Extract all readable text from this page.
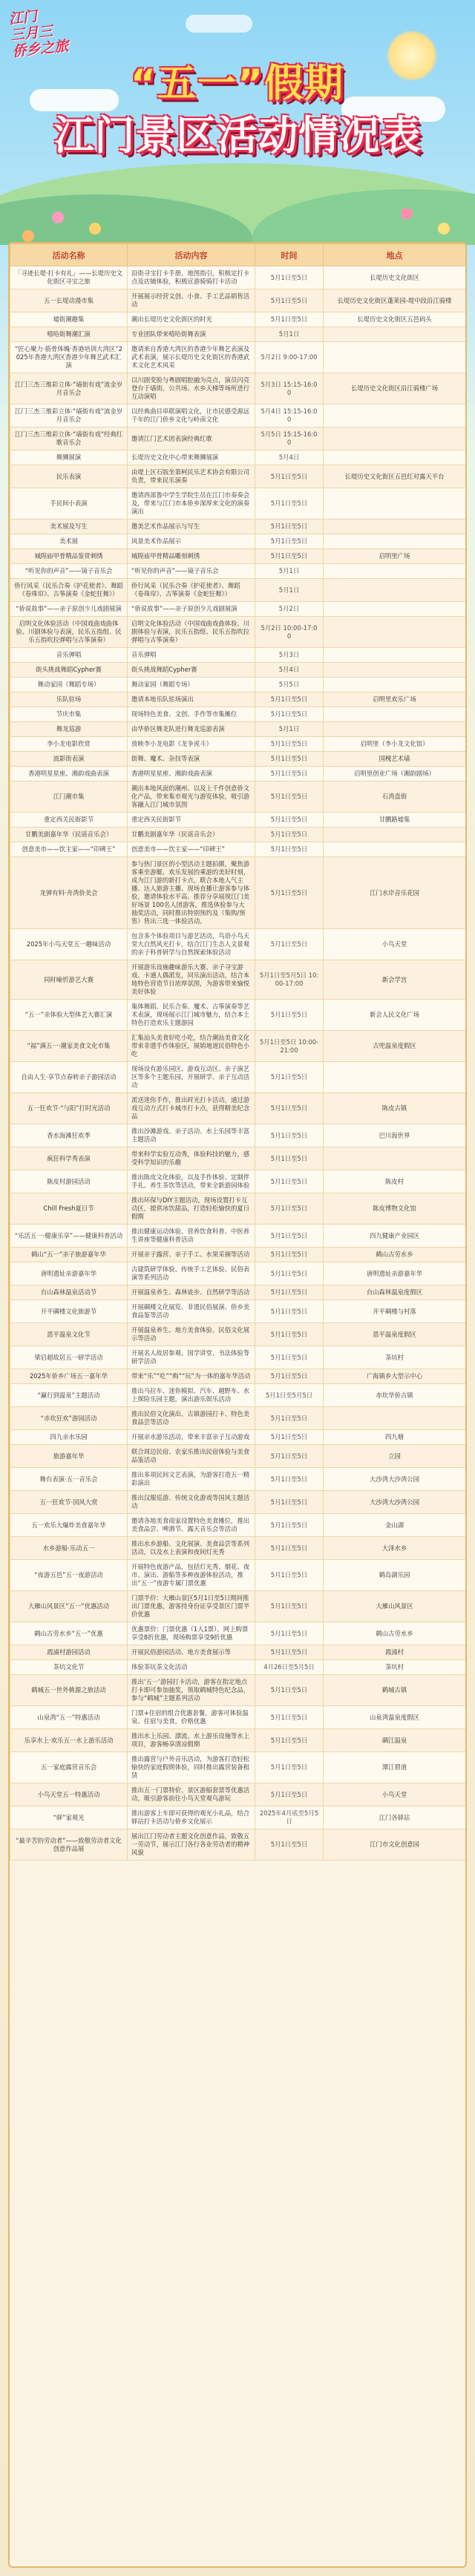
江门
三月三
侨乡之旅
“五一”假期
江门景区活动情况表
活动名称	活动内容	时间	地点
「寻迹长堤·打卡有礼」——长堤历史文化街区寻宝之旅	沿街寻宝打卡手册，地图指引，积极定打卡点及店铺体验，积极宣游骑骑打卡活动	5月1日至5日	长堤历史文化街区
五一长堤动漫市集	开展展示经营文创、小食、手工艺品销售活动	5月1日至5日	长堤历史文化街区蓬莱园-堤中段沿江骑楼
墟街潮趣集	潮出长堤历史文化街区的时光	5月1日至5日	长堤历史文化街区五邑码头
嘻哈街舞潮汇演	专业团队带来嘻哈街舞表演	5月1日	
“匠心聚力·筋骨体魄·香港培训大湾区”2025年香港大湾区香港少年舞艺武术汇演	邀请来自香港大湾区的香港少年舞艺表演及武术表演，展示长堤历史文化街区的香港武术文化艺术风采	5月2日 9:00-17:00	
江门三杰三维彩立体·“墙街有戏”流金岁月音乐会	以川剧变脸与粤剧唱腔融为亮点，演员闪亮登台于墙街、公共场、水乡天梯等场所进行互动演唱	5月3日 15:15-16:00	长堤历史文化街区沿江骑楼广场
江门三杰三维彩立体·“墙街有戏”流金岁月音乐会	以经典曲目串联演唱文化，让市民感受源远千年的江门侨乡文化与岭南文化	5月4日 15:15-16:00	
江门三杰三维彩立体·“墙街有戏”经典红歌音乐会	邀请江门艺术团表演经典红歌	5月5日 15:15-16:00	
舞狮展演	长堤历史文化中心带来舞狮展演	5月4日	
民乐表演	由堤上区石版坐第柯民乐艺术协会有限公司负责，带来民乐演奏	5月1日至5日	长堤历史文化街区五邑红对露天平台
手民间小表演	邀请西部鲁中学生学院生员在江门市奏奏会及，带来与江门市本侨乡深厚来文化的演奏演出	5月1日至5日	
美术展及写生	邀美艺术作品展示与写生	5月1日至5日	
美术展	风景美术作品展示	5月1日至5日	
城隍庙甲骨精品鉴赏刺绣	城隍庙甲骨精品雕刻刺绣	5月1日至5日	启明里广场
“听见你的声音”——镜子音乐会	“听见你的声音”——镜子音乐会	5月1日	
侨行风采（民乐合奏《护花使者》、舞蹈《卷珠帘》、古筝演奏《金蛇狂舞》）	侨行风采（民乐合奏《护花使者》、舞蹈《卷珠帘》、古筝演奏《金蛇狂舞》）	5月1日	
“侨说故事”——亲子原创少儿戏剧展演	“侨说故事”——亲子原创少儿戏剧展演	5月2日	
启明文化体验活动（中国戏曲戏曲体验、川剧体验与表演，民乐五指组、民乐五指吹拉弹唱与古筝演奏）	启明文化体验活动（中国戏曲戏曲体验、川剧体验与表演，民乐五指组、民乐五指吹拉弹唱与古筝演奏）	5月2日 10:00-17:00	
音乐弹唱	音乐弹唱	5月3日	
街头挑战舞蹈Cypher赛	街头挑战舞蹈Cypher赛	5月4日	
舞动家园（舞蹈专场）	舞动家园（舞蹈专场）	5月5日	
乐队驻场	邀请本地乐队驻场演出	5月1日至5日	启明里欢乐广场
节庆市集	现场特色美食、文创、手作等市集摊位	5月1日至5日	
舞龙巡游	由华侨区舞龙队进行舞龙巡游表演	5月1日	
李小龙电影欣赏	放映李小龙电影《龙争虎斗》	5月1日至5日	启明里（李小龙文化馆）
波影街表演	街舞、魔术、杂技等表演	5月1日至5日	国槐艺术墙
香港明星星座、湘韵戏曲表演	香港明星星座、湘韵戏曲表演	5月1日至5日	启明里创业广场（湘韵剧场）
江门潮市集	潮出本地风面的潮州、以及上千件创意侨文化产品，带来集市观光与游览体验，吸引游客融入江门城市氛围	5月1日至5日	石湾盘街
重定西关民街影节	重定西关民街影节	5月1日至5日	甘鹏路墟集
甘鹏美剧嘉年华（民谣音乐会）	甘鹏美剧嘉年华（民谣音乐会）	5月1日至5日	
创意美市——饮主家——“印碑王”	创意美市——饮主家——“印碑王”	5月1日至5日	
龙弹有料·舟湾侨美会	参与热门景区的小型活动主题拍摄，聚焦游客乘坐游艇、欢乐发展的乘游的美好时刻，成为江门游的新打卡点。联合本地人气主播、达人旅游主播、现场直播让游客参与体验，邀请体验水平高、推荐分享展现江门美好场景 100名人团游客，推选体验参与大抽奖活动，同时推出特别预约及（集购/预售）售出三选一体验活动。	5月1日至5日	江门水岸音乐花园
2025年小鸟天堂五一趣味活动	包含多个体验项目与游艺活动，鸟语小鸟天堂大自然风光打卡，结合江门生态人文景观的亲子科普研学与自然探索体验活动	5月1日至5日	小鸟天堂
同时喻忻游艺大赛	开展游乐设施趣味游乐大赛、亲子寻宝游戏、卡通人偶派发，同乐演出活动，结合本地特色营造节日浓厚氛围，为游客带来愉悦美好体验	5月1日至5月5日 10:00-17:00	新会学宫
“五一”亲体验大型体艺大赛汇演	集体舞蹈、民乐合奏、魔术、古筝演奏等艺术表演，现场展示江门城市魅力，结合本土特色打造欢乐主题游园	5月1日至5日	新会人民文化广场
“福”满五一·潮家美食文化市集	汇集汕头美食好吃小吃，结合潮汕美食文化带来非遗手作体验区，展销地道民俗特色小吃	5月1日至5日 10:00-21:00	古兜温泉度假区
自由人生·享节点春转亲子游园活动	现场设有游乐园区、游戏互动区、亲子演艺区等多个主题乐园，开展研学、亲子互动活动	5月1日至5日	
五一狂欢节·“与阳”打时光活动	派送迷你手作，推出时光打卡活动，通过游戏互动方式打卡城市打卡点，获得精美纪念品	5月1日至5日	陈皮古镇
香水海滩狂欢季	推出沙滩游戏、亲子活动、水上乐园等丰富主题活动	5月1日至5日	巴川海世界
疯狂科学秀表演	带来科学实验互动秀，体验科技的魅力，感受科学知识的乐趣	5月1日至5日	
陈皮村游园活动	推出陈皮文化体验，以及手作体验、定制伴手礼、养生茶饮等活动，带来全新游园体验	5月1日至5日	陈皮村
Chill Fresh夏日节	推出环保与DIY主题活动，现场设置打卡互动区，提供冰饮甜品，打造轻松愉快的夏日假期	5月1日至5日	陈皮博物文化馆
“乐活五一·健康乐享”——健康科普活动	推出健康运动体验、营养饮食科普、中医养生讲座等健康科普活动	5月1日至5日	四九健康产业园区
鹤山“五一”亲子旅游嘉年华	开展亲子露营、亲子手工、水果采摘等活动	5月1日至5日	鹤山古劳水乡
唐明遗址亲游嘉年华	古建筑研学体验、传统手工艺体验、民俗表演等系列活动	5月1日至5日	唐明遗址亲游嘉年华
台山森林温泉活动节	开展温泉养生、森林徒步、自然研学等活动	5月1日至5日	台山森林温泉度假区
开平碉楼文化旅游节	开展碉楼文化展览、非遗民俗展演、侨乡美食品鉴等活动	5月1日至5日	开平碉楼与村落
恩平温泉文化节	开展温泉养生、地方美食体验、民俗文化展示等活动	5月1日至5日	恩平温泉度假区
梁启超故居五一研学活动	开展名人故居参观、国学讲堂、书法体验等研学活动	5月1日至5日	茶坑村
2025年侨乡广场五一嘉年华	带来“乐”“吃”“购”“玩”为一体的嘉年华活动	5月1日至5日	广海镇乡大型示中心
“赢行到温泉”主题活动	推出马拉车、迷你模拟、汽车、越野车、水上探险乐园主题，演出游乐娱乐活动	5月1日至5月5日	赤坎华侨古镇
“赤坎狂欢”游园活动	推出民俗文化演出、古镇游园打卡、特色美食品尝等活动	5月1日至5日	
四九亲水乐园	开展亲水游乐活动，带来丰富亲子互动游戏	5月1日至5日	四九塘
旅游嘉年华	联合周边民宿、农家乐推出民宿体验与美食品鉴活动	5月1日至5日	立园
舞台表演·五一音乐会	推出多项民间文艺表演，为游客打造五一精彩演出	5月1日至5日	大沙湾大沙湾公园
五一狂欢节·国风大赏	推出汉服巡游、传统文化游戏等国风主题活动	5月1日至5日	大沙湾大沙湾公园
五一欢乐大爆炸美食嘉年华	邀请各地美食商家设置特色美食摊位，推出美食品尝、啤酒节、露天音乐会等活动	5月1日至5日	金山湖
水乡游船·乐动五一	推出水乡游船、文化展演、美食品尝等系列活动，以及水上表演和夜间灯光秀	5月1日至5日	大泽水乡
“夜游五邑”五一夜游活动	开展特色夜游产品，包括灯光秀、烟花、夜市、演出、游船等多种夜游体验活动，推出“五一”夜游专属门票优惠	5月1日至5日	鹤岛湖乐园
大雁山风景区“五一”优惠活动	门票半价：大雁山景区5月1日至5日期间推出门票优惠，游客持身份证享受景区门票半价优惠	5月1日至5日	大雁山风景区
鹤山古劳水乡“五一”优惠	优惠票价：门票优惠（1人1票），网上购票享受8折优惠，现场购票享受9折优惠	5月1日至5日	鹤山古劳水乡
霞浦村游园活动	开展民俗游园活动、地方美食展示等	5月1日至5日	霞浦村
茶坑文化节	体验茶坑茶文化活动	4月26日至5月5日	茶坑村
鹤城五一世外桃源之旅活动	推出‘五一’游园打卡活动，游客在指定地点打卡即可参加抽奖，领取鹤城特色纪念品，参与“鹤城”主题系列活动	5月1日至5日	鹤城古镇
山泉湾“五一”特惠活动	门票+住宿的组合优惠套餐，游客可体验温泉、住宿与美食，价格优惠	5月1日至5日	山泉湾温泉度假区
乐享水上·欢乐五一水上游乐活动	推出水上乐园、漂流、水上游乐设施等水上项目，游客畅享清凉假期	5月1日至5日	碉江温泉
五一家庭露营音乐会	推出露营与户外音乐活动，为游客打造轻松愉快的家庭假期体验，同时推出露营装备租赁	5月1日至5日	潭江碧道
小鸟天堂五一特惠活动	推出五一门票特价、景区游船套票等优惠活动，吸引游客前往小鸟天堂观鸟游玩	5月1日至5日	小鸟天堂
“驿”家观光	推出游客上车即可获得的观光小礼品，结合驿站打卡活动与侨乡文化展示	2025年4月底至5月5日	江门各驿站
“最辛苦的劳动者”——致敬劳动者文化创意作品展	展出江门劳动者主题文化创意作品，致敬五一劳动节，展示江门各行各业劳动者的精神风貌	5月1日至5日	江门市文化创意园
